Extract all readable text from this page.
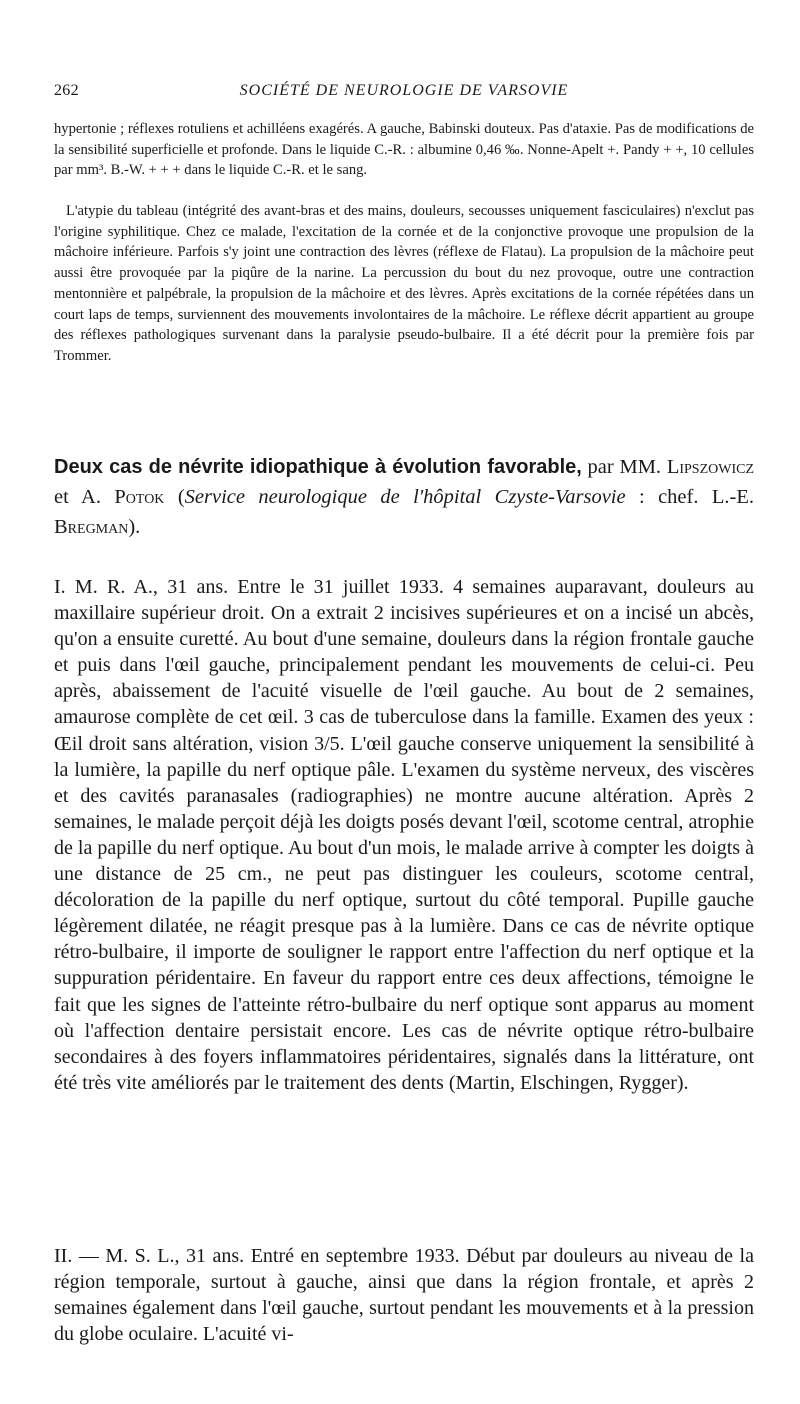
262	SOCIÉTÉ DE NEUROLOGIE DE VARSOVIE

hypertonie ; réflexes rotuliens et achilléens exagérés. A gauche, Babinski douteux. Pas d'ataxie. Pas de modifications de la sensibilité superficielle et profonde. Dans le liquide C.-R. : albumine 0,46 ‰. Nonne-Apelt +. Pandy + +, 10 cellules par mm³. B.-W. + + + dans le liquide C.-R. et le sang.

L'atypie du tableau (intégrité des avant-bras et des mains, douleurs, secousses uniquement fasciculaires) n'exclut pas l'origine syphilitique. Chez ce malade, l'excitation de la cornée et de la conjonctive provoque une propulsion de la mâchoire inférieure. Parfois s'y joint une contraction des lèvres (réflexe de Flatau). La propulsion de la mâchoire peut aussi être provoquée par la piqûre de la narine. La percussion du bout du nez provoque, outre une contraction mentonnière et palpébrale, la propulsion de la mâchoire et des lèvres. Après excitations de la cornée répétées dans un court laps de temps, surviennent des mouvements involontaires de la mâchoire. Le réflexe décrit appartient au groupe des réflexes pathologiques survenant dans la paralysie pseudo-bulbaire. Il a été décrit pour la première fois par Trommer.

Deux cas de névrite idiopathique à évolution favorable, par MM. Lipszowicz et A. Potok (Service neurologique de l'hôpital Czyste-Varsovie : chef. L.-E. Bregman).

I. M. R. A., 31 ans. Entre le 31 juillet 1933. 4 semaines auparavant, douleurs au maxillaire supérieur droit. On a extrait 2 incisives supérieures et on a incisé un abcès, qu'on a ensuite curetté. Au bout d'une semaine, douleurs dans la région frontale gauche et puis dans l'œil gauche, principalement pendant les mouvements de celui-ci. Peu après, abaissement de l'acuité visuelle de l'œil gauche. Au bout de 2 semaines, amaurose complète de cet œil. 3 cas de tuberculose dans la famille. Examen des yeux : Œil droit sans altération, vision 3/5. L'œil gauche conserve uniquement la sensibilité à la lumière, la papille du nerf optique pâle. L'examen du système nerveux, des viscères et des cavités paranasales (radiographies) ne montre aucune altération. Après 2 semaines, le malade perçoit déjà les doigts posés devant l'œil, scotome central, atrophie de la papille du nerf optique. Au bout d'un mois, le malade arrive à compter les doigts à une distance de 25 cm., ne peut pas distinguer les couleurs, scotome central, décoloration de la papille du nerf optique, surtout du côté temporal. Pupille gauche légèrement dilatée, ne réagit presque pas à la lumière. Dans ce cas de névrite optique rétro-bulbaire, il importe de souligner le rapport entre l'affection du nerf optique et la suppuration péridentaire. En faveur du rapport entre ces deux affections, témoigne le fait que les signes de l'atteinte rétro-bulbaire du nerf optique sont apparus au moment où l'affection dentaire persistait encore. Les cas de névrite optique rétro-bulbaire secondaires à des foyers inflammatoires péridentaires, signalés dans la littérature, ont été très vite améliorés par le traitement des dents (Martin, Elschingen, Rygger).

II. — M. S. L., 31 ans. Entré en septembre 1933. Début par douleurs au niveau de la région temporale, surtout à gauche, ainsi que dans la région frontale, et après 2 semaines également dans l'œil gauche, surtout pendant les mouvements et à la pression du globe oculaire. L'acuité vi-
